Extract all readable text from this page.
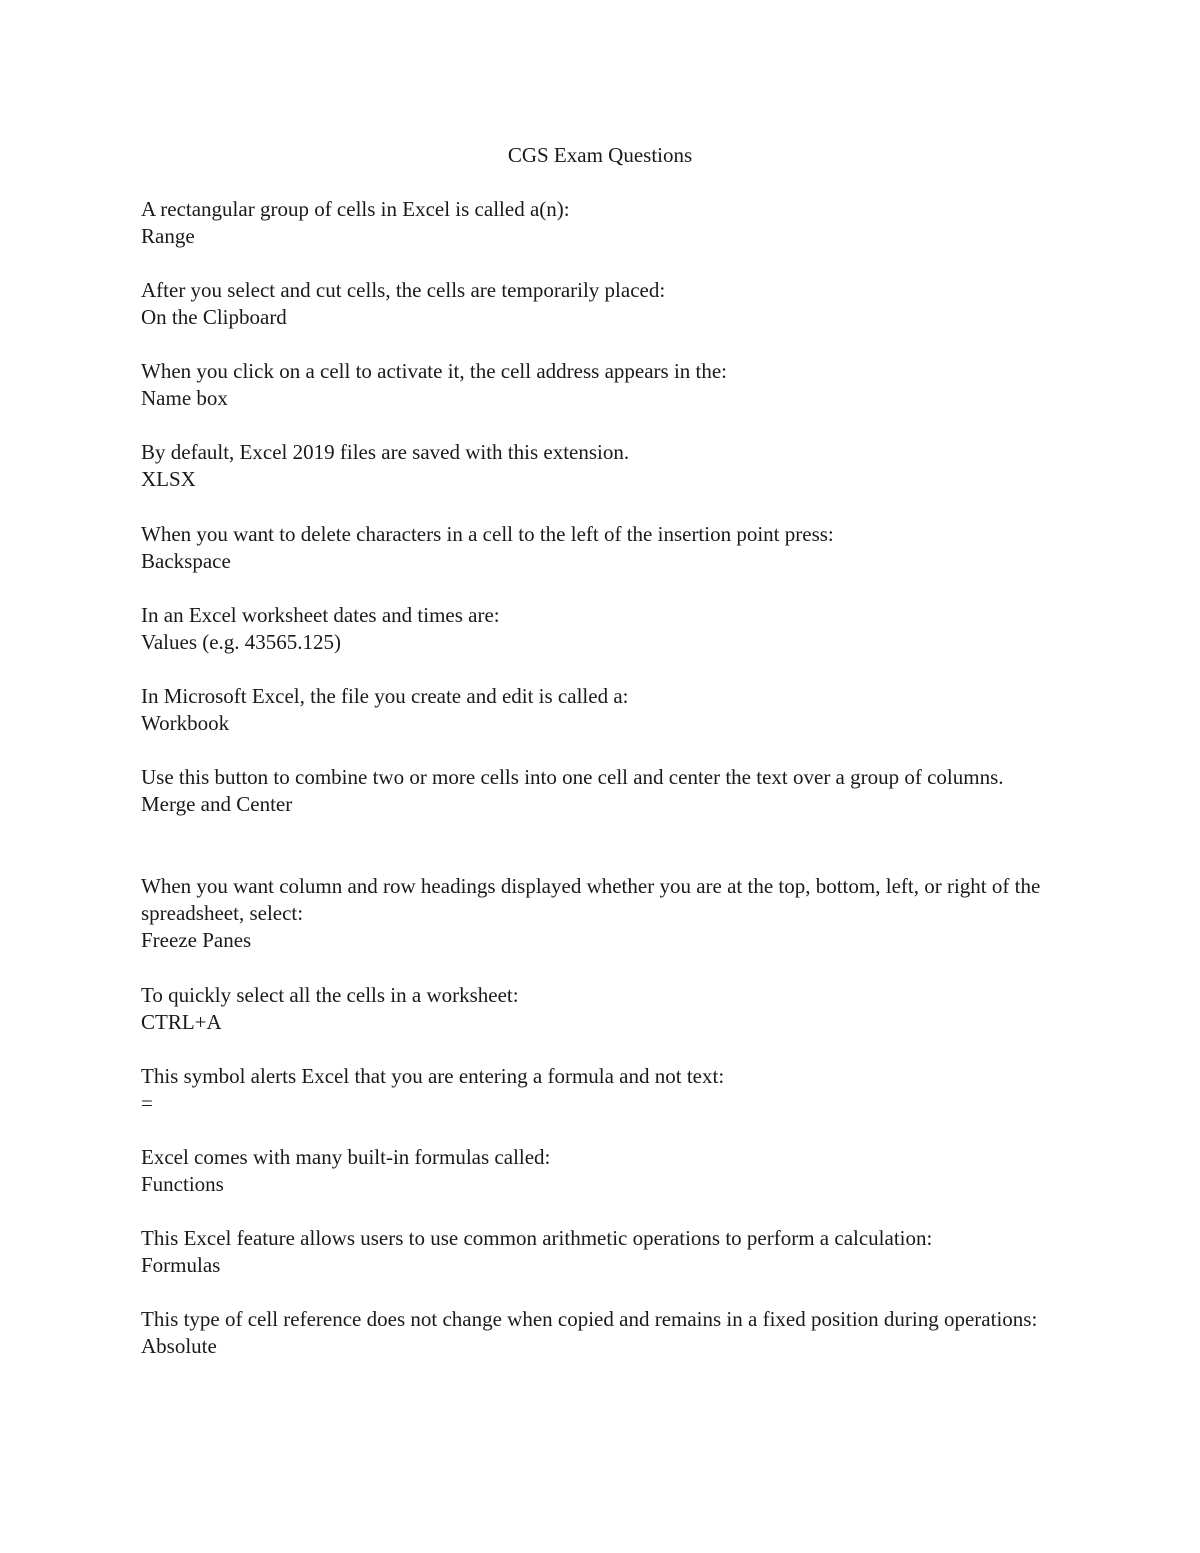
CGS Exam Questions

A rectangular group of cells in Excel is called a(n):

Range

After you select and cut cells, the cells are temporarily placed:

On the Clipboard

When you click on a cell to activate it, the cell address appears in the:

Name box

By default, Excel 2019 files are saved with this extension.

XLSX

When you want to delete characters in a cell to the left of the insertion point press:

Backspace

In an Excel worksheet dates and times are:

Values (e.g. 43565.125)

In Microsoft Excel, the file you create and edit is called a:

Workbook

Use this button to combine two or more cells into one cell and center the text over a group of columns.

Merge and Center

When you want column and row headings displayed whether you are at the top, bottom, left, or right of the spreadsheet, select:

Freeze Panes

To quickly select all the cells in a worksheet:

CTRL+A

This symbol alerts Excel that you are entering a formula and not text:

=

Excel comes with many built-in formulas called:

Functions

This Excel feature allows users to use common arithmetic operations to perform a calculation:

Formulas

This type of cell reference does not change when copied and remains in a fixed position during operations:

Absolute
